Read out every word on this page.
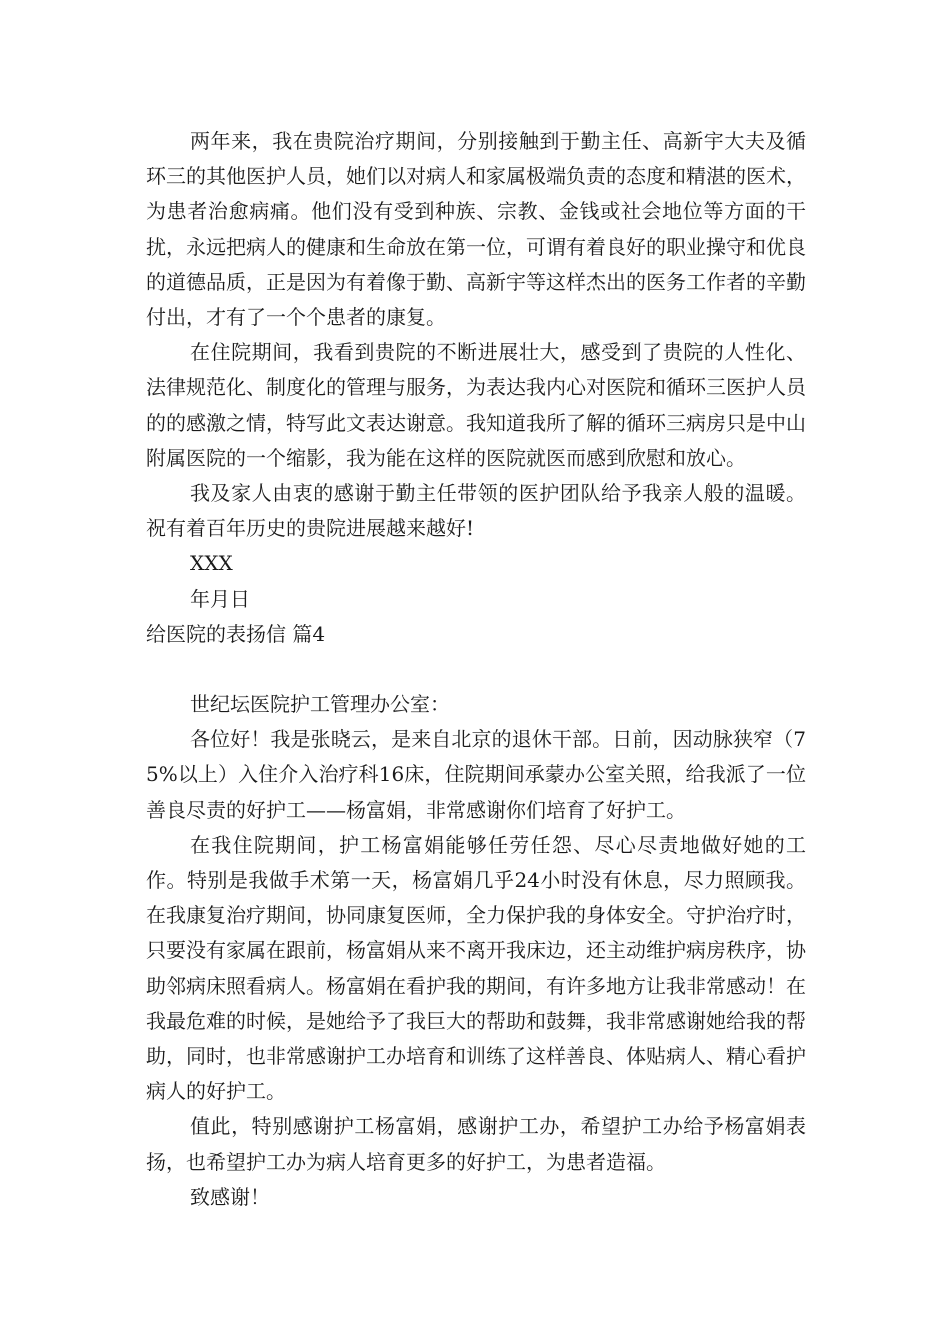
两年来，我在贵院治疗期间，分别接触到于勤主任、高新宇大夫及循环三的其他医护人员，她们以对病人和家属极端负责的态度和精湛的医术，为患者治愈病痛。他们没有受到种族、宗教、金钱或社会地位等方面的干扰，永远把病人的健康和生命放在第一位，可谓有着良好的职业操守和优良的道德品质，正是因为有着像于勤、高新宇等这样杰出的医务工作者的辛勤付出，才有了一个个患者的康复。

在住院期间，我看到贵院的不断进展壮大，感受到了贵院的人性化、法律规范化、制度化的管理与服务，为表达我内心对医院和循环三医护人员的的感激之情，特写此文表达谢意。我知道我所了解的循环三病房只是中山附属医院的一个缩影，我为能在这样的医院就医而感到欣慰和放心。

我及家人由衷的感谢于勤主任带领的医护团队给予我亲人般的温暖。祝有着百年历史的贵院进展越来越好!

XXX

年月日

给医院的表扬信 篇4

世纪坛医院护工管理办公室：

各位好！我是张晓云，是来自北京的退休干部。日前，因动脉狭窄（75%以上）入住介入治疗科16床，住院期间承蒙办公室关照，给我派了一位善良尽责的好护工——杨富娟，非常感谢你们培育了好护工。

在我住院期间，护工杨富娟能够任劳任怨、尽心尽责地做好她的工作。特别是我做手术第一天，杨富娟几乎24小时没有休息，尽力照顾我。在我康复治疗期间，协同康复医师，全力保护我的身体安全。守护治疗时，只要没有家属在跟前，杨富娟从来不离开我床边，还主动维护病房秩序，协助邻病床照看病人。杨富娟在看护我的期间，有许多地方让我非常感动！在我最危难的时候，是她给予了我巨大的帮助和鼓舞，我非常感谢她给我的帮助，同时，也非常感谢护工办培育和训练了这样善良、体贴病人、精心看护病人的好护工。

值此，特别感谢护工杨富娟，感谢护工办，希望护工办给予杨富娟表扬，也希望护工办为病人培育更多的好护工，为患者造福。

致感谢！
